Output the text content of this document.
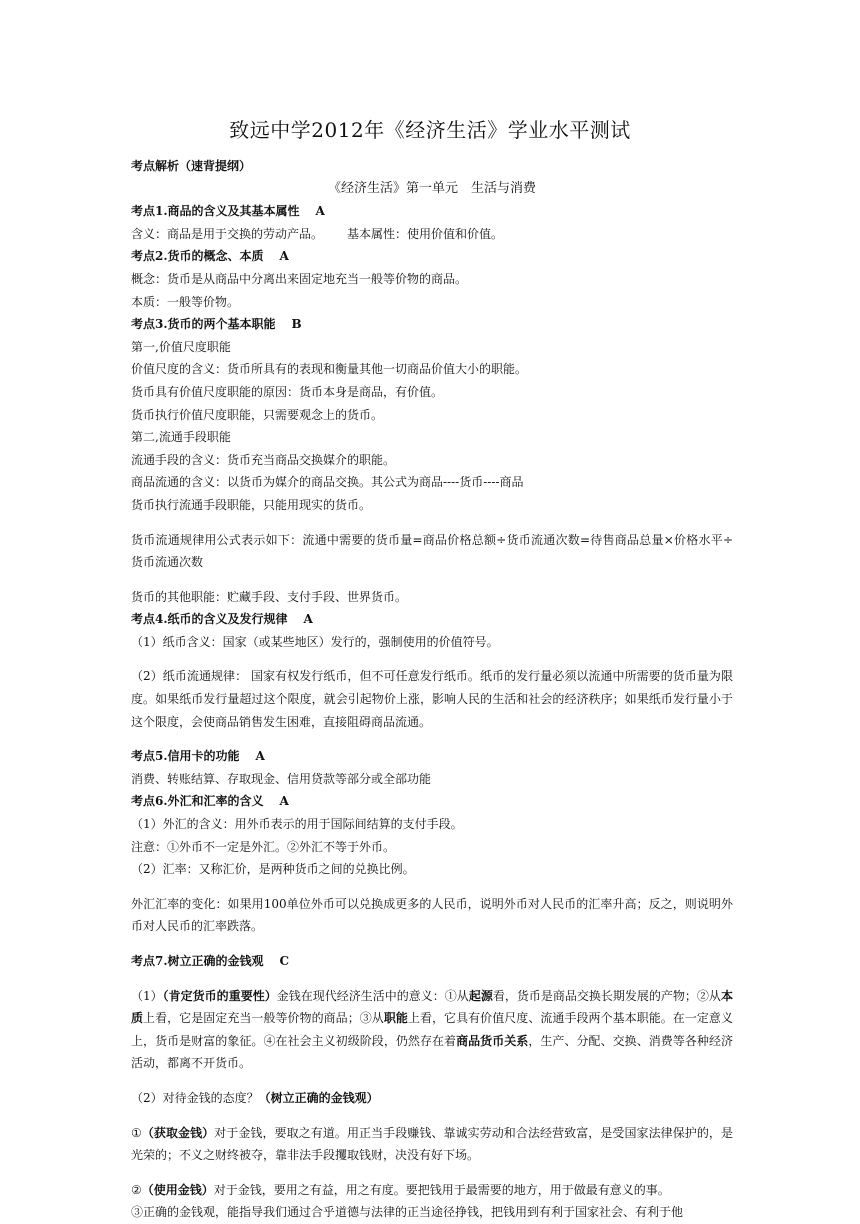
致远中学2012年《经济生活》学业水平测试

考点解析（速背提纲）

《经济生活》第一单元　生活与消费

考点1.商品的含义及其基本属性 A

含义：商品是用于交换的劳动产品。 基本属性：使用价值和价值。

考点2.货币的概念、本质 A

概念：货币是从商品中分离出来固定地充当一般等价物的商品。

本质：一般等价物。

考点3.货币的两个基本职能 B

第一,价值尺度职能

价值尺度的含义：货币所具有的表现和衡量其他一切商品价值大小的职能。

货币具有价值尺度职能的原因：货币本身是商品，有价值。

货币执行价值尺度职能，只需要观念上的货币。

第二,流通手段职能

流通手段的含义：货币充当商品交换媒介的职能。

商品流通的含义：以货币为媒介的商品交换。其公式为商品----货币----商品

货币执行流通手段职能，只能用现实的货币。

货币流通规律用公式表示如下：流通中需要的货币量=商品价格总额÷货币流通次数=待售商品总量×价格水平÷货币流通次数

货币的其他职能：贮藏手段、支付手段、世界货币。

考点4.纸币的含义及发行规律 A

（1）纸币含义：国家（或某些地区）发行的，强制使用的价值符号。

（2）纸币流通规律： 国家有权发行纸币，但不可任意发行纸币。纸币的发行量必须以流通中所需要的货币量为限度。如果纸币发行量超过这个限度，就会引起物价上涨，影响人民的生活和社会的经济秩序；如果纸币发行量小于这个限度，会使商品销售发生困难，直接阻碍商品流通。

考点5.信用卡的功能 A

消费、转账结算、存取现金、信用贷款等部分或全部功能

考点6.外汇和汇率的含义 A

（1）外汇的含义：用外币表示的用于国际间结算的支付手段。

注意：①外币不一定是外汇。②外汇不等于外币。

（2）汇率：又称汇价，是两种货币之间的兑换比例。

外汇汇率的变化：如果用100单位外币可以兑换成更多的人民币，说明外币对人民币的汇率升高；反之，则说明外币对人民币的汇率跌落。

考点7.树立正确的金钱观 C

（1）（肯定货币的重要性）金钱在现代经济生活中的意义：①从起源看，货币是商品交换长期发展的产物；②从本质上看，它是固定充当一般等价物的商品；③从职能上看，它具有价值尺度、流通手段两个基本职能。在一定意义上，货币是财富的象征。④在社会主义初级阶段，仍然存在着商品货币关系，生产、分配、交换、消费等各种经济活动，都离不开货币。

（2）对待金钱的态度？（树立正确的金钱观）

①（获取金钱）对于金钱，要取之有道。用正当手段赚钱、靠诚实劳动和合法经营致富，是受国家法律保护的，是光荣的；不义之财终被夺，靠非法手段攫取钱财，决没有好下场。

②（使用金钱）对于金钱，要用之有益，用之有度。要把钱用于最需要的地方，用于做最有意义的事。

③正确的金钱观，能指导我们通过合乎道德与法律的正当途径挣钱，把钱用到有利于国家社会、有利于他
